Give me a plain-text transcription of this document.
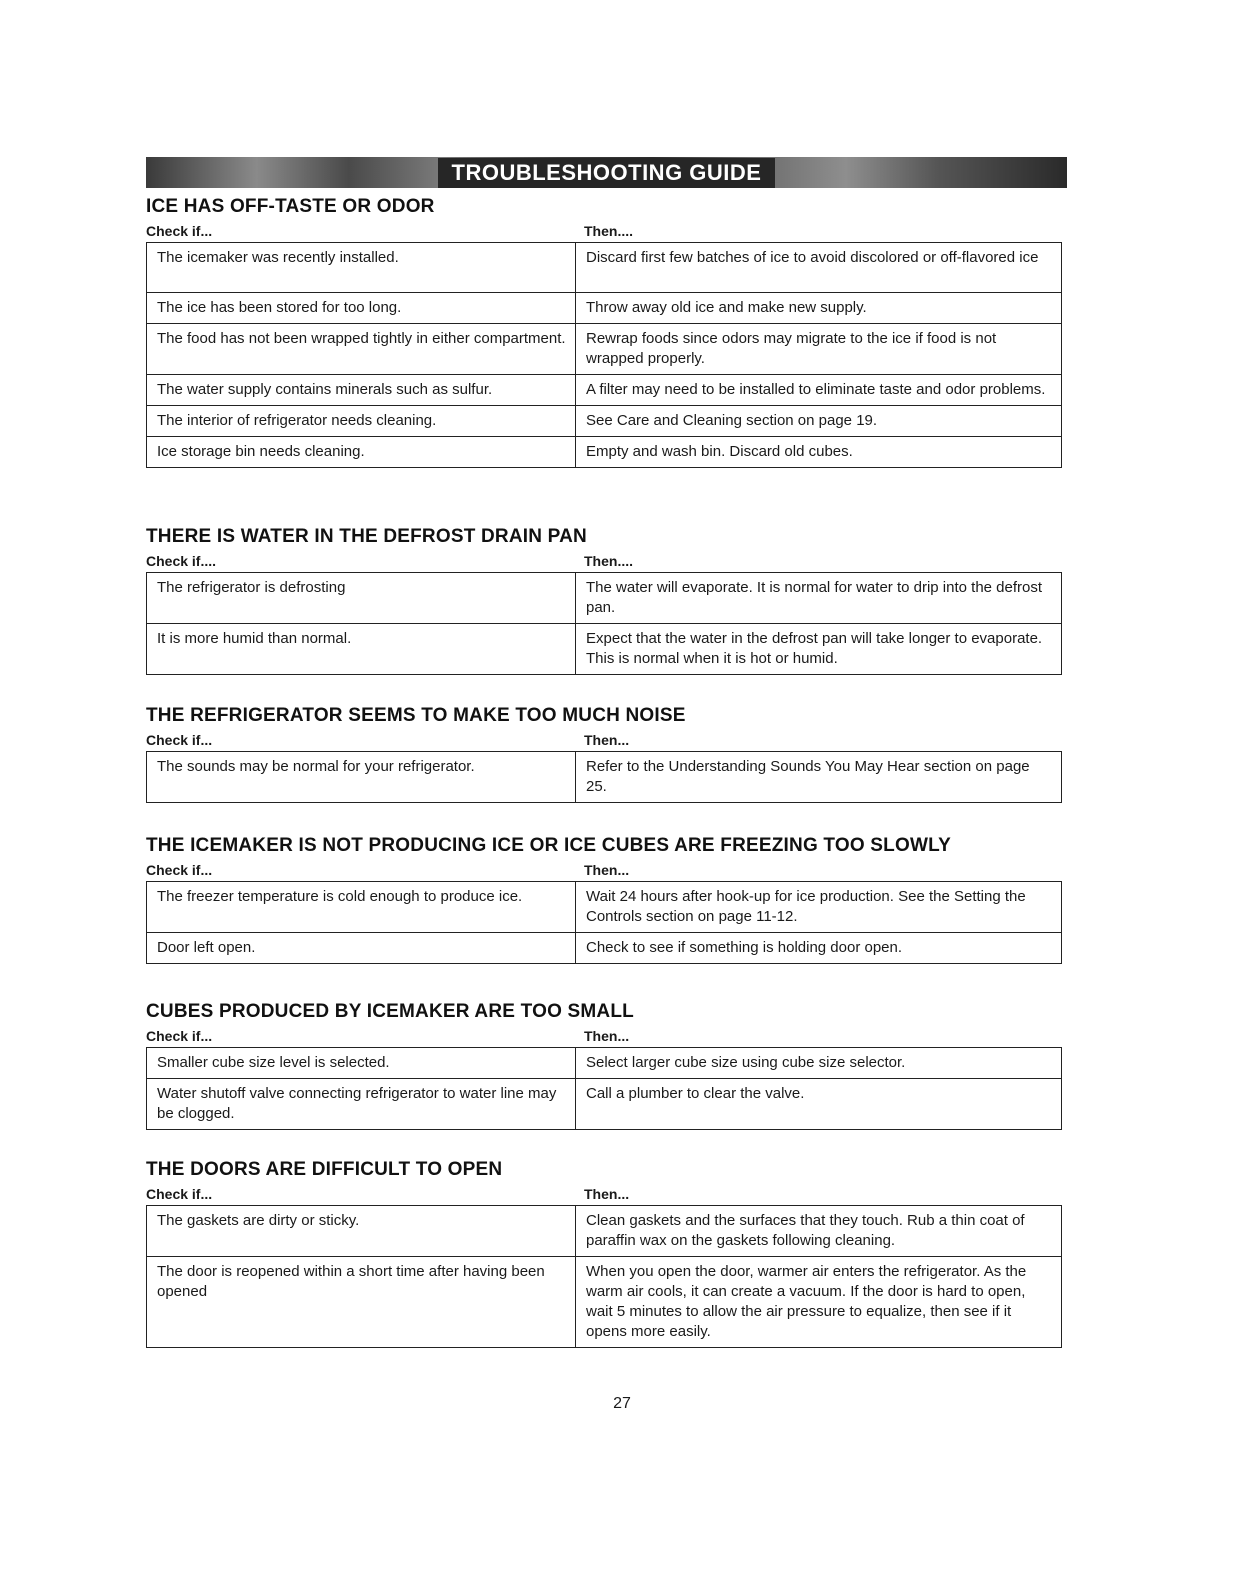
TROUBLESHOOTING GUIDE
ICE HAS OFF-TASTE OR ODOR
Check if...	Then....
The icemaker was recently installed.	Discard first few batches of ice to avoid discolored or off-flavored ice
The ice has been stored for too long.	Throw away old ice and make new supply.
The food has not been wrapped tightly in either compartment.	Rewrap foods since odors may migrate to the ice if food is not wrapped properly.
The water supply contains minerals such as sulfur.	A filter may need to be installed to eliminate taste and odor problems.
The interior of refrigerator needs cleaning.	See Care and Cleaning section on page 19.
Ice storage bin needs cleaning.	Empty and wash bin. Discard old cubes.
THERE IS WATER IN THE DEFROST DRAIN PAN
Check if....	Then....
The refrigerator is defrosting	The water will evaporate. It is normal for water to drip into the defrost pan.
It is more humid than normal.	Expect that the water in the defrost pan will take longer to evaporate. This is normal when it is hot or humid.
THE REFRIGERATOR SEEMS TO MAKE TOO MUCH NOISE
Check if...	Then...
The sounds may be normal for your refrigerator.	Refer to the Understanding Sounds You May Hear section on page 25.
THE ICEMAKER IS NOT PRODUCING ICE OR ICE CUBES ARE FREEZING TOO SLOWLY
Check if...	Then...
The freezer temperature is cold enough to produce ice.	Wait 24 hours after hook-up for ice production. See the Setting the Controls section on page 11-12.
Door left open.	Check to see if something is holding door open.
CUBES PRODUCED BY ICEMAKER ARE TOO SMALL
Check if...	Then...
Smaller cube size level is selected.	Select larger cube size using cube size selector.
Water shutoff valve connecting refrigerator to water line may be clogged.	Call a plumber to clear the valve.
THE DOORS ARE DIFFICULT TO OPEN
Check if...	Then...
The gaskets are dirty or sticky.	Clean gaskets and the surfaces that they touch. Rub a thin coat of paraffin wax on the gaskets following cleaning.
The door is reopened within a short time after having been opened	When you open the door, warmer air enters the refrigerator. As the warm air cools, it can create a vacuum. If the door is hard to open, wait 5 minutes to allow the air pressure to equalize, then see if it opens more easily.
27
